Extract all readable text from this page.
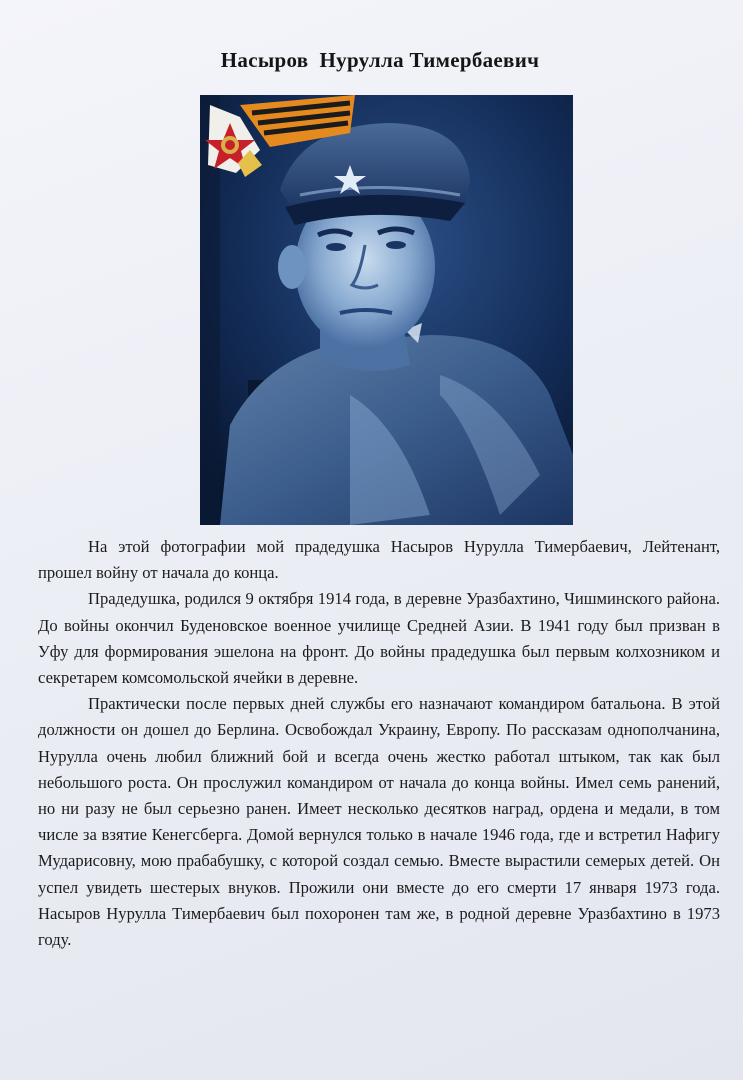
Насыров  Нурулла Тимербаевич

На этой фотографии мой прадедушка Насыров Нурулла Тимербаевич, Лейтенант, прошел войну от начала до конца.

Прадедушка, родился 9 октября 1914 года, в деревне Уразбахтино, Чишминского района. До войны окончил Буденовское военное училище Средней Азии. В 1941 году был призван в Уфу для формирования эшелона на фронт. До войны прадедушка был первым колхозником и секретарем комсомольской ячейки в деревне.

Практически после первых дней службы его назначают командиром батальона. В этой должности он дошел до Берлина. Освобождал Украину, Европу. По рассказам однополчанина, Нурулла очень любил ближний бой и всегда очень жестко работал штыком, так как был небольшого роста. Он прослужил командиром от начала до конца войны. Имел семь ранений, но ни разу не был серьезно ранен. Имеет несколько десятков наград, ордена и медали, в том числе за взятие Кенегсберга. Домой вернулся только в начале 1946 года, где и встретил Нафигу Мударисовну, мою прабабушку, с которой создал семью. Вместе вырастили семерых детей. Он успел увидеть шестерых внуков. Прожили они вместе до его смерти 17 января 1973 года. Насыров Нурулла Тимербаевич был похоронен там же, в родной деревне Уразбахтино в 1973 году.
